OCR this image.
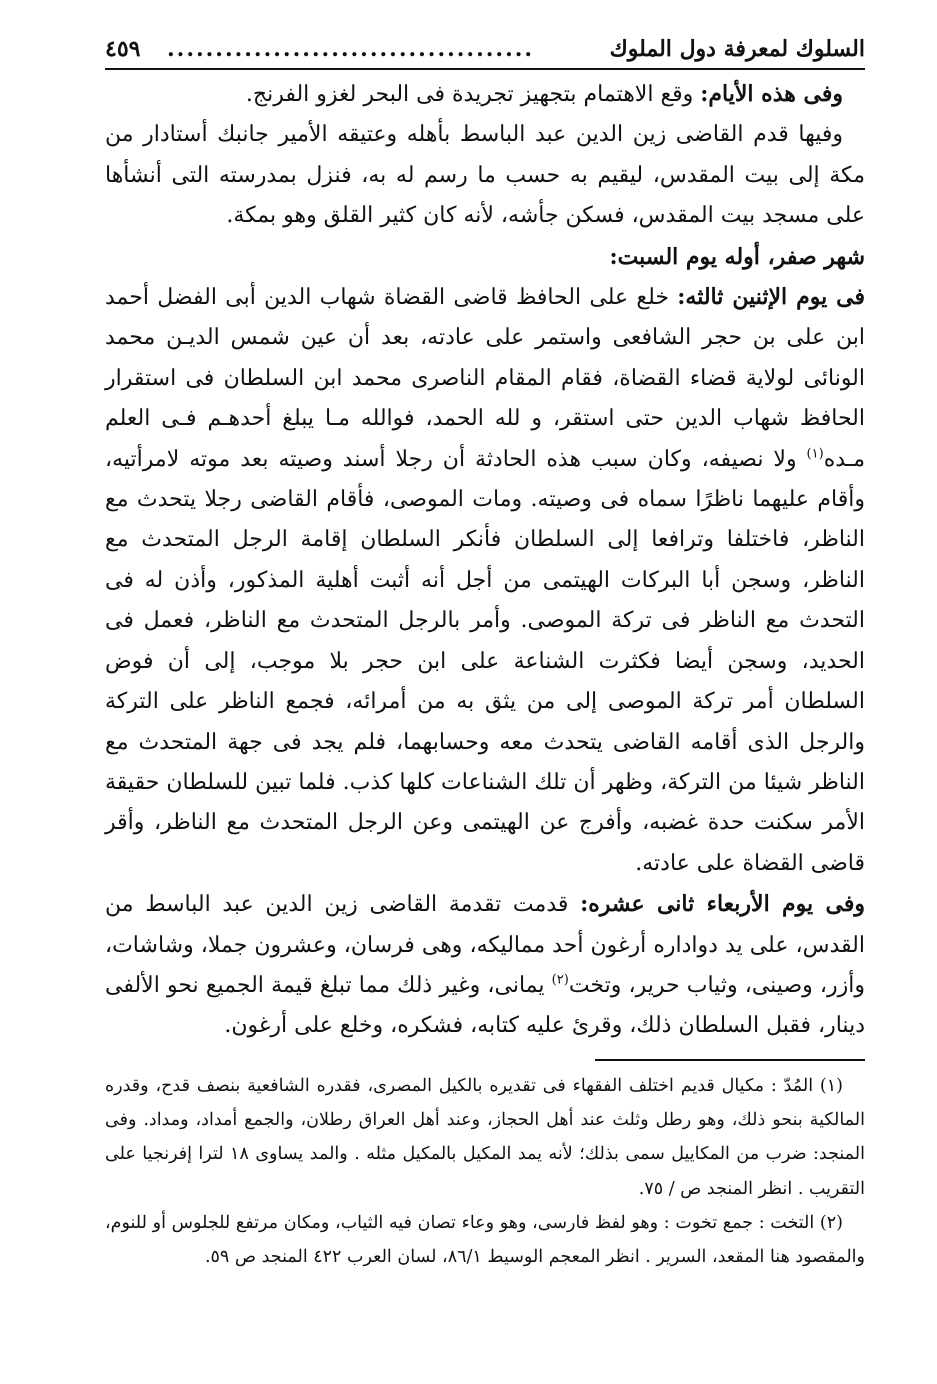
السلوك لمعرفة دول الملوك
......................................
٤٥٩

وفى هذه الأيام: وقع الاهتمام بتجهيز تجريدة فى البحر لغزو الفرنج.

وفيها قدم القاضى زين الدين عبد الباسط بأهله وعتيقه الأمير جانبك أستادار من مكة إلى بيت المقدس، ليقيم به حسب ما رسم له به، فنزل بمدرسته التى أنشأها على مسجد بيت المقدس، فسكن جأشه، لأنه كان كثير القلق وهو بمكة.

شهر صفر، أوله يوم السبت:

فى يوم الإثنين ثالثه: خلع على الحافظ قاضى القضاة شهاب الدين أبى الفضل أحمد ابن على بن حجر الشافعى واستمر على عادته، بعد أن عين شمس الديـن محمد الونائى لولاية قضاء القضاة، فقام المقام الناصرى محمد ابن السلطان فى استقرار الحافظ شهاب الدين حتى استقر، و لله الحمد، فوالله مـا يبلغ أحدهـم فـى العلم مـده$^{(١)}$ ولا نصيفه، وكان سبب هذه الحادثة أن رجلا أسند وصيته بعد موته لامرأتيه، وأقام عليهما ناظرًا سماه فى وصيته. ومات الموصى، فأقام القاضى رجلا يتحدث مع الناظر، فاختلفا وترافعا إلى السلطان فأنكر السلطان إقامة الرجل المتحدث مع الناظر، وسجن أبا البركات الهيتمى من أجل أنه أثبت أهلية المذكور، وأذن له فى التحدث مع الناظر فى تركة الموصى. وأمر بالرجل المتحدث مع الناظر، فعمل فى الحديد، وسجن أيضا فكثرت الشناعة على ابن حجر بلا موجب، إلى أن فوض السلطان أمر تركة الموصى إلى من يثق به من أمرائه، فجمع الناظر على التركة والرجل الذى أقامه القاضى يتحدث معه وحسابهما، فلم يجد فى جهة المتحدث مع الناظر شيئا من التركة، وظهر أن تلك الشناعات كلها كذب. فلما تبين للسلطان حقيقة الأمر سكنت حدة غضبه، وأفرج عن الهيتمى وعن الرجل المتحدث مع الناظر، وأقر قاضى القضاة على عادته.

وفى يوم الأربعاء ثانى عشره: قدمت تقدمة القاضى زين الدين عبد الباسط من القدس، على يد دواداره أرغون أحد مماليكه، وهى فرسان، وعشرون جملا، وشاشات، وأزر، وصينى، وثياب حرير، وتخت$^{(٢)}$ يمانى، وغير ذلك مما تبلغ قيمة الجميع نحو الألفى دينار، فقبل السلطان ذلك، وقرئ عليه كتابه، فشكره، وخلع على أرغون.

(١) المُدّ : مكيال قديم اختلف الفقهاء فى تقديره بالكيل المصرى، فقدره الشافعية بنصف قدح، وقدره المالكية بنحو ذلك، وهو رطل وثلث عند أهل الحجاز، وعند أهل العراق رطلان، والجمع أمداد، ومداد. وفى المنجد: ضرب من المكاييل سمى بذلك؛ لأنه يمد المكيل بالمكيل مثله . والمد يساوى ١٨ لترا إفرنجيا على التقريب . انظر المنجد ص / ٧٥.

(٢) التخت : جمع تخوت : وهو لفظ فارسى، وهو وعاء تصان فيه الثياب، ومكان مرتفع للجلوس أو للنوم، والمقصود هنا المقعد، السرير . انظر المعجم الوسيط ٨٦/١، لسان العرب ٤٢٢ المنجد ص ٥٩.
